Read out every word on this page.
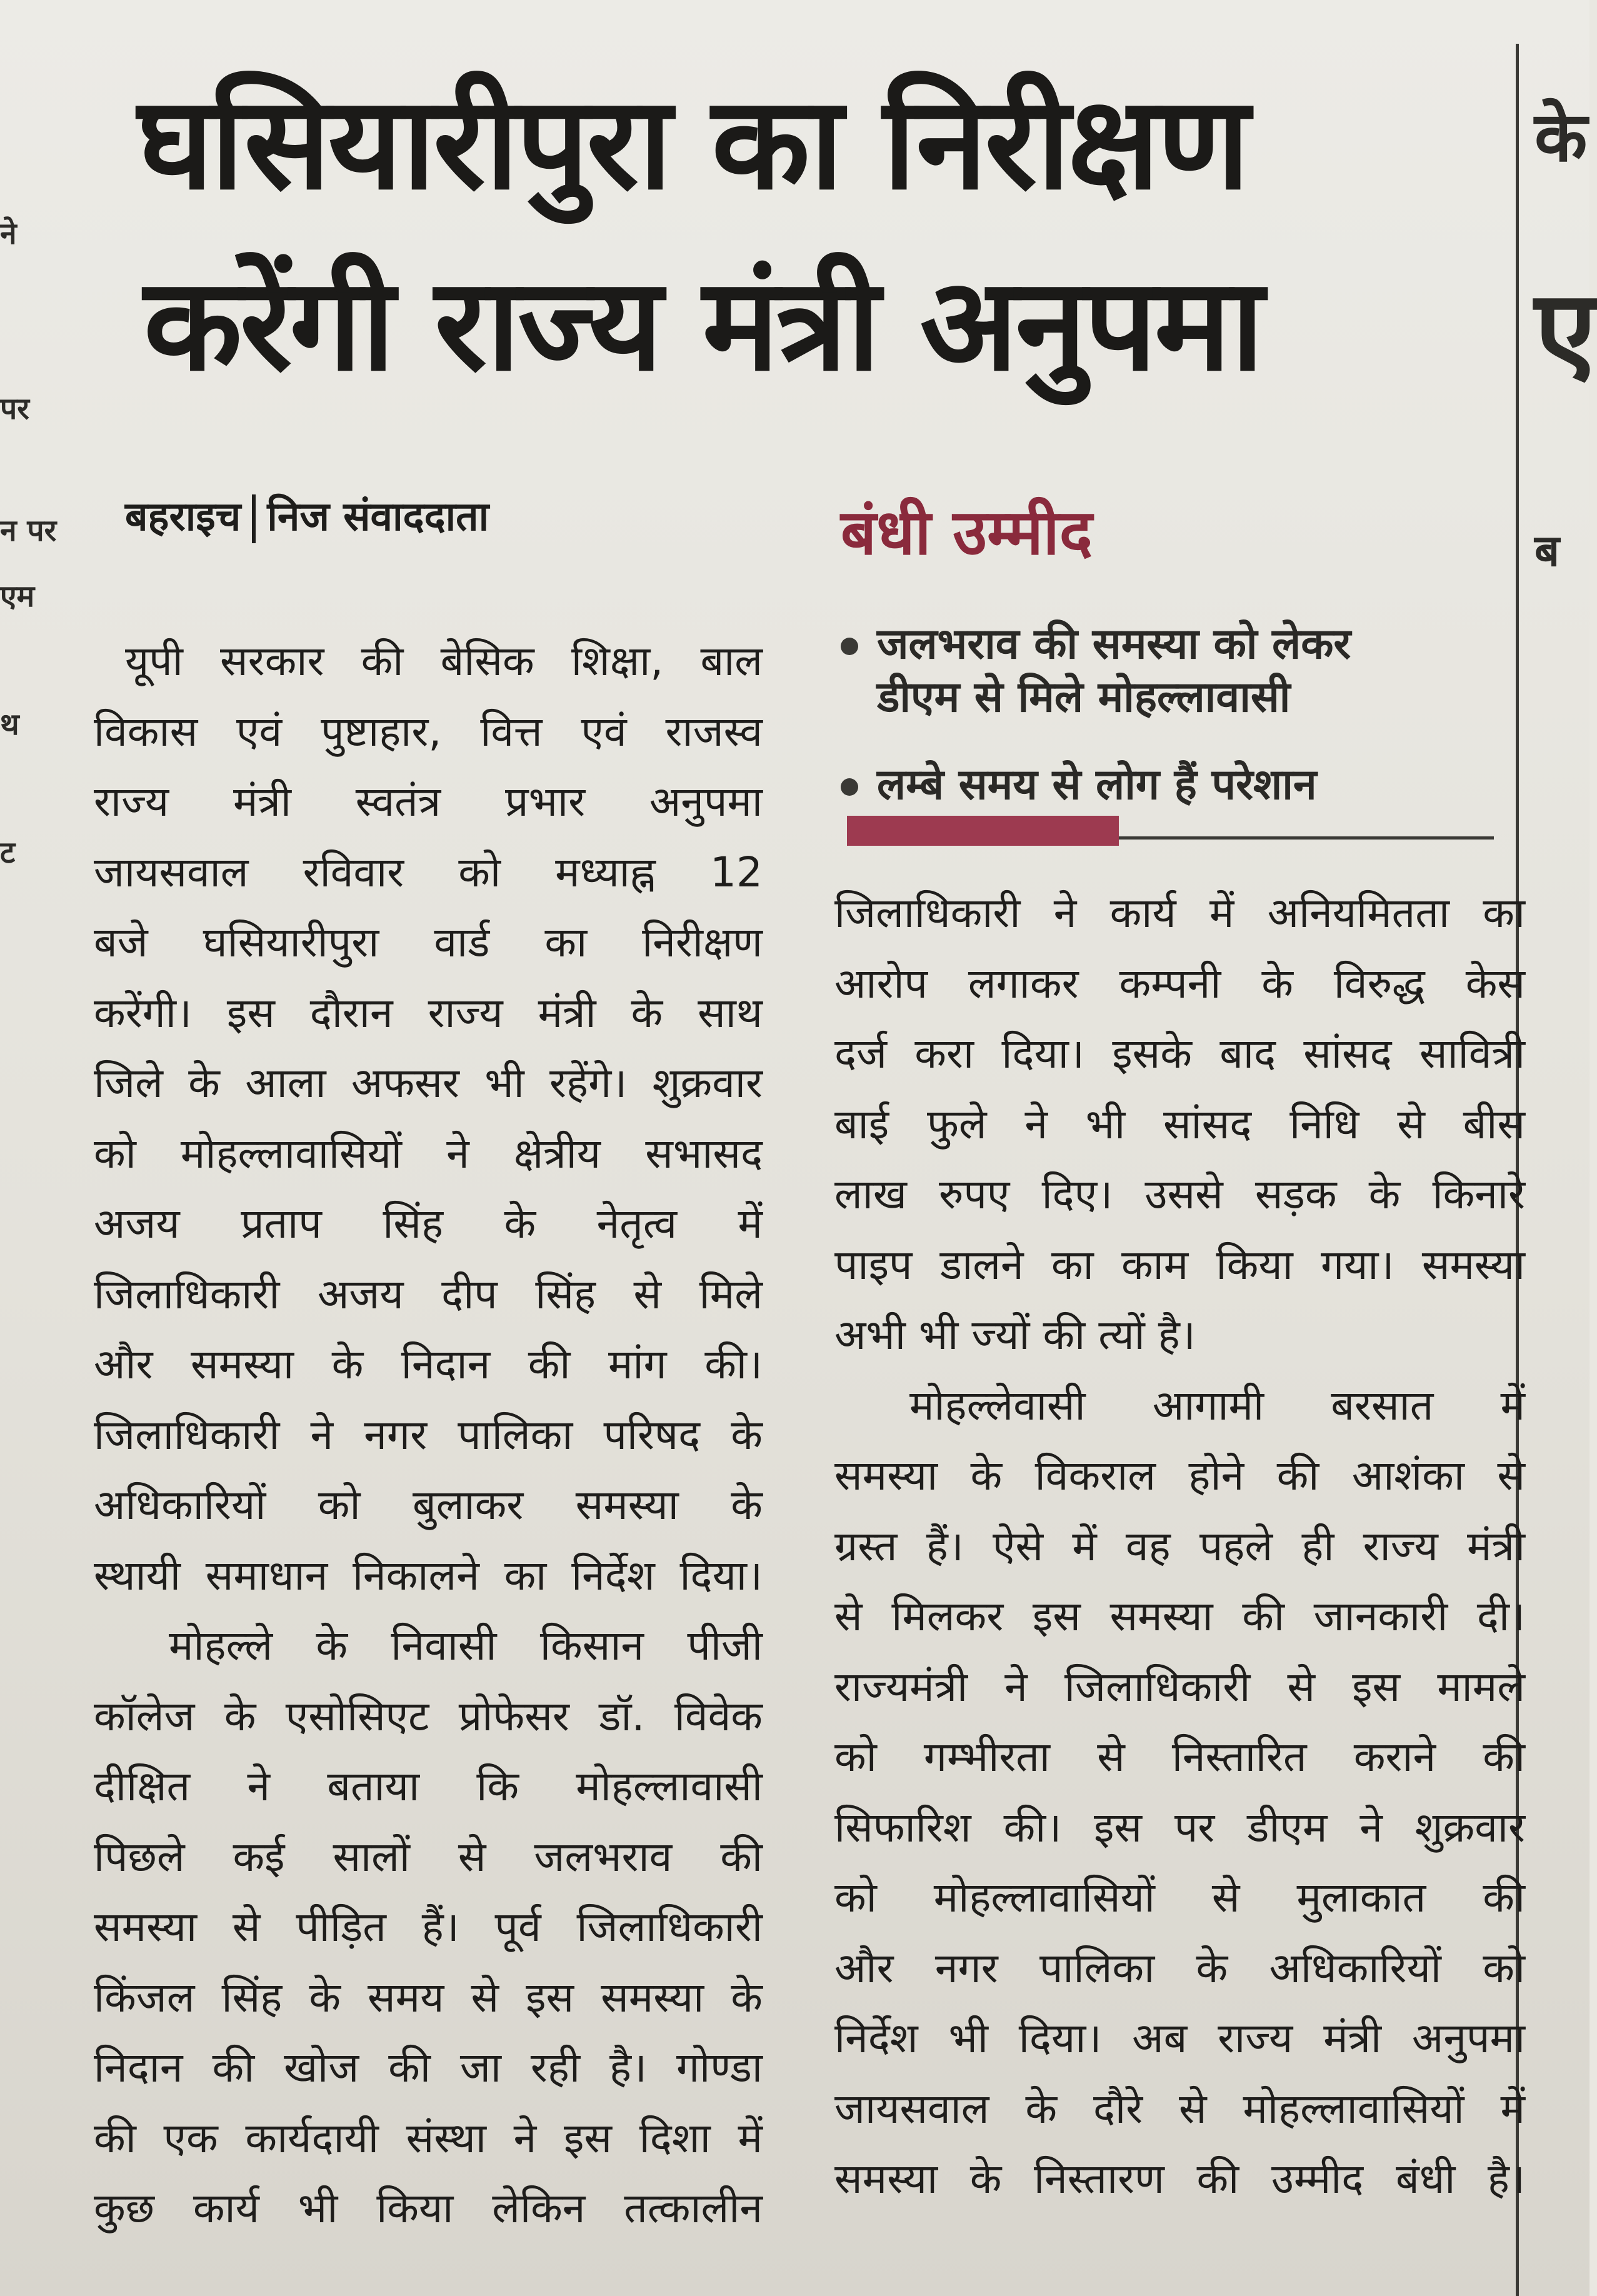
ने
पर
न पर
एम
थ
ट
के
ए
ब
घसियारीपुरा का निरीक्षण
करेंगी राज्य मंत्री अनुपमा
बहराइच निज संवाददाता	बंधी उम्मीद
जलभराव की समस्या को लेकर
डीएम से मिले मोहल्लावासी
लम्बे समय से लोग हैं परेशान

यूपी सरकार की बेसिक शिक्षा, बाल

विकास एवं पुष्टाहार, वित्त एवं राजस्व

राज्य मंत्री स्वतंत्र प्रभार अनुपमा

जायसवाल रविवार को मध्याह्न 12

बजे घसियारीपुरा वार्ड का निरीक्षण

करेंगी। इस दौरान राज्य मंत्री के साथ

जिले के आला अफसर भी रहेंगे। शुक्रवार

को मोहल्लावासियों ने क्षेत्रीय सभासद

अजय प्रताप सिंह के नेतृत्व में

जिलाधिकारी अजय दीप सिंह से मिले

और समस्या के निदान की मांग की।

जिलाधिकारी ने नगर पालिका परिषद के

अधिकारियों को बुलाकर समस्या के

स्थायी समाधान निकालने का निर्देश दिया।

मोहल्ले के निवासी किसान पीजी

कॉलेज के एसोसिएट प्रोफेसर डॉ. विवेक

दीक्षित ने बताया कि मोहल्लावासी

पिछले कई सालों से जलभराव की

समस्या से पीड़ित हैं। पूर्व जिलाधिकारी

किंजल सिंह के समय से इस समस्या के

निदान की खोज की जा रही है। गोण्डा

की एक कार्यदायी संस्था ने इस दिशा में

कुछ कार्य भी किया लेकिन तत्कालीन

जिलाधिकारी ने कार्य में अनियमितता का

आरोप लगाकर कम्पनी के विरुद्ध केस

दर्ज करा दिया। इसके बाद सांसद सावित्री

बाई फुले ने भी सांसद निधि से बीस

लाख रुपए दिए। उससे सड़क के किनारे

पाइप डालने का काम किया गया। समस्या

अभी भी ज्यों की त्यों है।

मोहल्लेवासी आगामी बरसात में

समस्या के विकराल होने की आशंका से

ग्रस्त हैं। ऐसे में वह पहले ही राज्य मंत्री

से मिलकर इस समस्या की जानकारी दी।

राज्यमंत्री ने जिलाधिकारी से इस मामले

को गम्भीरता से निस्तारित कराने की

सिफारिश की। इस पर डीएम ने शुक्रवार

को मोहल्लावासियों से मुलाकात की

और नगर पालिका के अधिकारियों को

निर्देश भी दिया। अब राज्य मंत्री अनुपमा

जायसवाल के दौरे से मोहल्लावासियों में

समस्या के निस्तारण की उम्मीद बंधी है।
